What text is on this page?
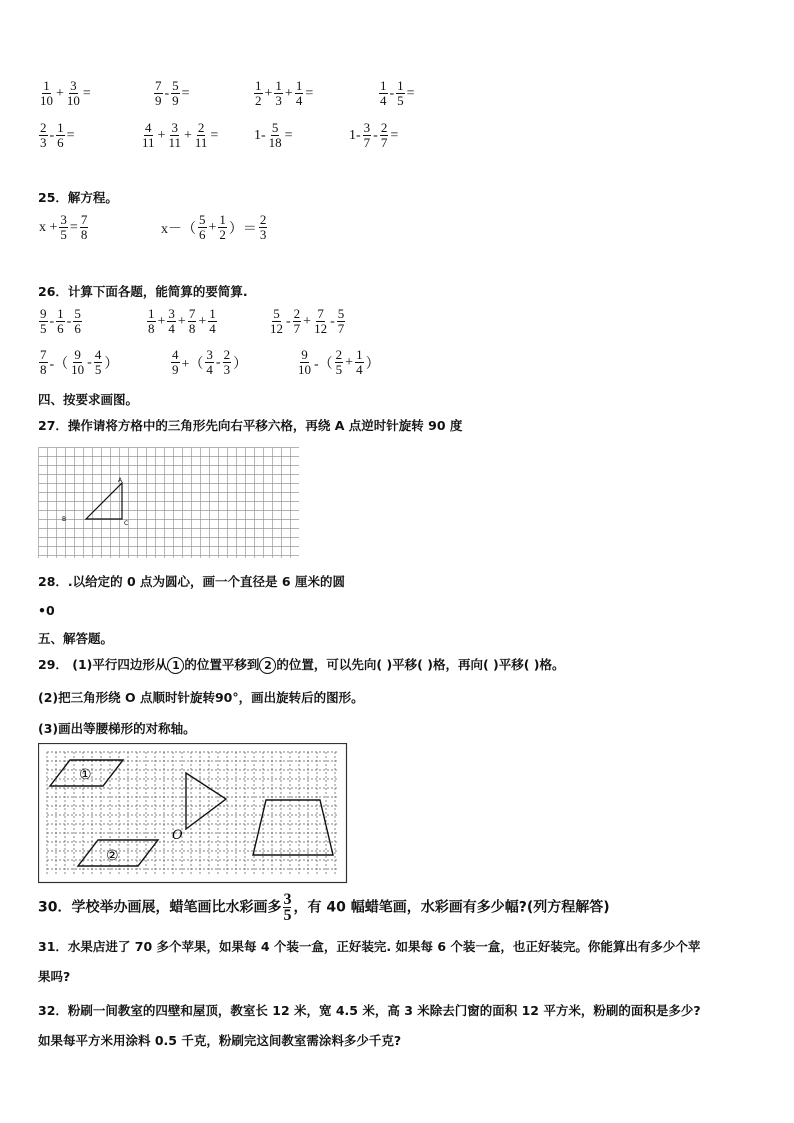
$\frac{1}{10} + \frac{3}{10}$ =	$\frac{7}{9} - \frac{5}{9}$ =	$\frac{1}{2} + \frac{1}{3} + \frac{1}{4}$ =	$\frac{1}{4} - \frac{1}{5}$ =
$\frac{2}{3} - \frac{1}{6}$ =	$\frac{4}{11} + \frac{3}{11} + \frac{2}{11}$ =	$1- \frac{5}{18}$ =	$1- \frac{3}{7} - \frac{2}{7}$ =
25．解方程。
$x + \frac{3}{5} = \frac{7}{8}$	$x-( \frac{5}{6} + \frac{1}{2}$ ）＝ $\frac{2}{3}$
26．计算下面各题，能简算的要简算.
$\frac{9}{5} - \frac{1}{6} - \frac{5}{6}$	$\frac{1}{8} + \frac{3}{4} + \frac{7}{8} + \frac{1}{4}$	$\frac{5}{12} - \frac{2}{7} + \frac{7}{12} - \frac{5}{7}$
$\frac{7}{8}$ -（ $\frac{9}{10} - \frac{4}{5}$ ）	$\frac{4}{9}$ +（ $\frac{3}{4} - \frac{2}{3}$ ）	$\frac{9}{10}$ -（ $\frac{2}{5} + \frac{1}{4}$ ）
四、按要求画图。
27．操作请将方格中的三角形先向右平移六格，再绕 A 点逆时针旋转 90 度
A
B
C
28．.以给定的 0 点为圆心，画一个直径是 6 厘米的圆
•0
五、解答题。
29． (1)平行四边形从 1 的位置平移到 2 的位置，可以先向( )平移( )格，再向( )平移( )格。
(2)把三角形绕 O 点顺时针旋转90°，画出旋转后的图形。
(3)画出等腰梯形的对称轴。
①
②
O
30．学校举办画展，蜡笔画比水彩画多 $\frac{3}{5}$ ，有 40 幅蜡笔画，水彩画有多少幅?(列方程解答)
31．水果店进了 70 多个苹果，如果每 4 个装一盒，正好装完. 如果每 6 个装一盒，也正好装完。你能算出有多少个苹
果吗?
32．粉刷一间教室的四壁和屋顶，教室长 12 米，宽 4.5 米，高 3 米除去门窗的面积 12 平方米，粉刷的面积是多少?
如果每平方米用涂料 0.5 千克，粉刷完这间教室需涂料多少千克?
